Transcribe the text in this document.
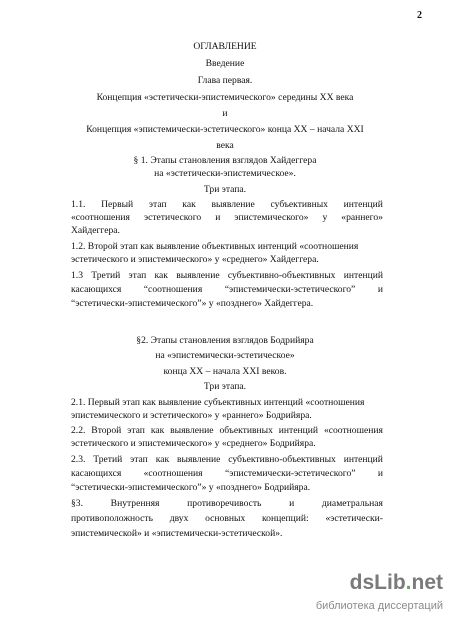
2
ОГЛАВЛЕНИЕ
Введение
Глава первая.
Концепция «эстетически-эпистемического» середины XX века
и
Концепция «эпистемически-эстетического» конца XX – начала XXI
века
§ 1. Этапы становления взглядов Хайдеггера
на «эстетически-эпистемическое».
Три этапа.
1.1. Первый этап как выявление субъективных интенций
«соотношения эстетического и эпистемического» у «раннего»
Хайдеггера.
1.2. Второй этап как выявление объективных интенций «соотношения
эстетического и эпистемического» у «среднего» Хайдеггера.
1.3 Третий этап как выявление субъективно-объективных интенций
касающихся “соотношения “эпистемически-эстетического” и
“эстетически-эпистемического”» у «позднего» Хайдеггера.
§2. Этапы становления взглядов Бодрийяра
на «эпистемически-эстетическое»
конца XX – начала XXI веков.
Три этапа.
2.1. Первый этап как выявление субъективных интенций «соотношения
эпистемического и эстетического» у «раннего» Бодрийяра.
2.2. Второй этап как выявление объективных интенций «соотношения
эстетического и эпистемического» у «среднего» Бодрийяра.
2.3. Третий этап как выявление субъективно-объективных интенций
касающихся «соотношения “эпистемически-эстетического” и
“эстетически-эпистемического”» у «позднего» Бодрийяра.
§3.	Внутренняя	противоречивость	и	диаметральная
противоположность двух основных концепций: «эстетически-
эпистемической» и «эпистемически-эстетической».
dsLib.net
библиотека диссертаций
